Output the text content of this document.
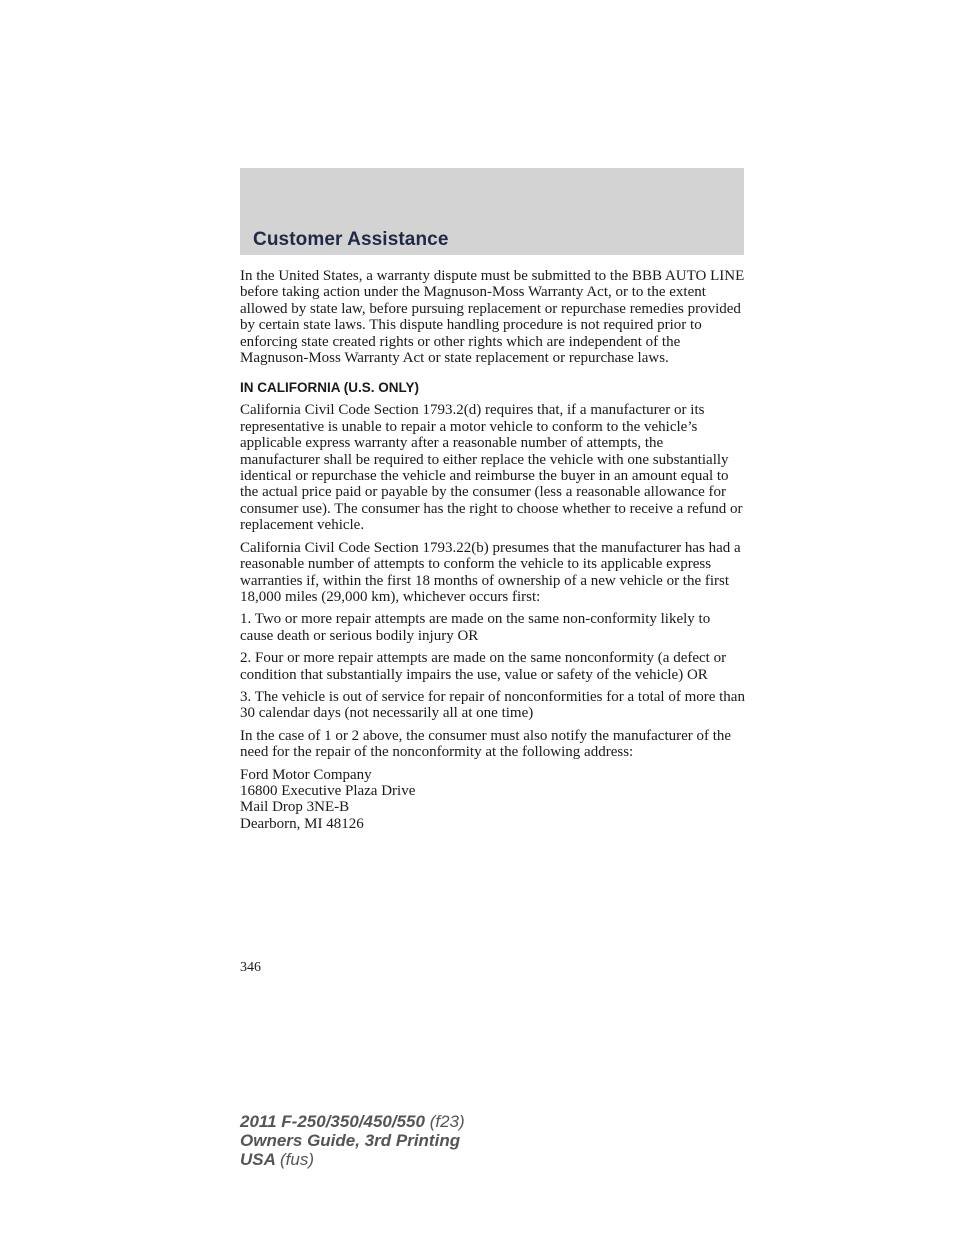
Customer Assistance

In the United States, a warranty dispute must be submitted to the BBB AUTO LINE before taking action under the Magnuson-Moss Warranty Act, or to the extent allowed by state law, before pursuing replacement or repurchase remedies provided by certain state laws. This dispute handling procedure is not required prior to enforcing state created rights or other rights which are independent of the Magnuson-Moss Warranty Act or state replacement or repurchase laws.

IN CALIFORNIA (U.S. ONLY)

California Civil Code Section 1793.2(d) requires that, if a manufacturer or its representative is unable to repair a motor vehicle to conform to the vehicle’s applicable express warranty after a reasonable number of attempts, the manufacturer shall be required to either replace the vehicle with one substantially identical or repurchase the vehicle and reimburse the buyer in an amount equal to the actual price paid or payable by the consumer (less a reasonable allowance for consumer use). The consumer has the right to choose whether to receive a refund or replacement vehicle.

California Civil Code Section 1793.22(b) presumes that the manufacturer has had a reasonable number of attempts to conform the vehicle to its applicable express warranties if, within the first 18 months of ownership of a new vehicle or the first 18,000 miles (29,000 km), whichever occurs first:

1. Two or more repair attempts are made on the same non-conformity likely to cause death or serious bodily injury OR

2. Four or more repair attempts are made on the same nonconformity (a defect or condition that substantially impairs the use, value or safety of the vehicle) OR

3. The vehicle is out of service for repair of nonconformities for a total of more than 30 calendar days (not necessarily all at one time)

In the case of 1 or 2 above, the consumer must also notify the manufacturer of the need for the repair of the nonconformity at the following address:

Ford Motor Company
16800 Executive Plaza Drive
Mail Drop 3NE-B
Dearborn, MI 48126
346
2011 F-250/350/450/550 (f23)
Owners Guide, 3rd Printing
USA (fus)
